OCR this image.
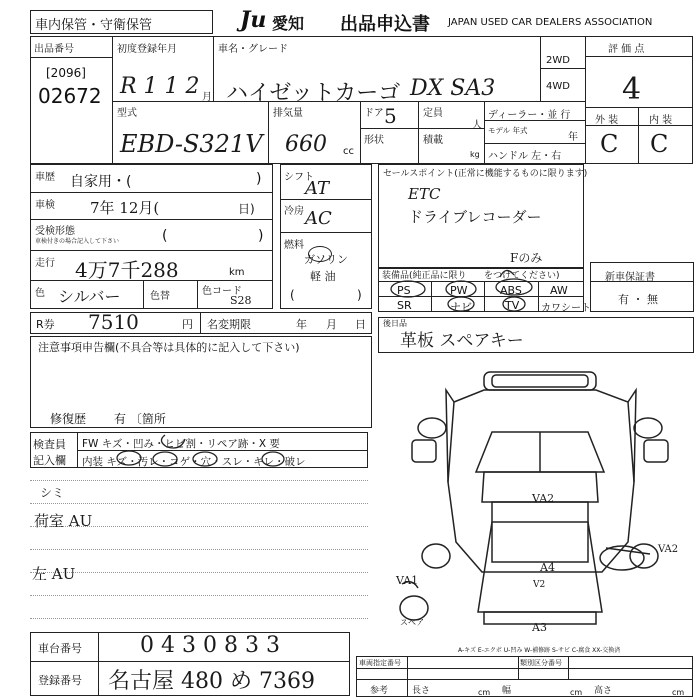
車内保管・守衛保管	Ju 愛知 出品申込書 JAPAN USED CAR DEALERS ASSOCIATION
出品番号
[2096]
02672
初度登録年月
R 1 1 2 月
車名・グレード
ハイゼットカーゴ DX SA3
2WD
4WD
評 価 点
4
外 装	内 装
C C
型式
EBD-S321V
排気量
660 cc
ドア 5
形状
定員
人
積載
kg
ディーラー・並 行
モデル 年式
年
ハンドル 左・右
車歴 自家用・(	)
車検 7年 12月(	日)
受検形態
車検付きの場合記入して下さい	(	)
走行 4万7千288	km
色 シルバー	色替	色コード
S28
シフト
AT
冷房 AC
燃料
ガソリン
軽 油
(	)
セールスポイント(正常に機能するものに限ります)
ETC
ドライブレコーダー
装備品(純正品に限り をつけてください)
Fのみ
PS	PW	ABS	AW
SR	ナビ	TV カワシート
新車保証書
有 ・ 無
R券 7510	円 名変期限	年 月 日 後日品
革板 スペアキー
注意事項申告欄(不具合等は具体的に記入して下さい)
修復歴 有 〔箇所
検査員
記入欄
FW キズ・凹み・ヒビ割・リペア跡・X 要
内装 キズ・汚レ・コゲ・穴・スレ・キレ・破レ
シミ
荷室 AU
左 AU
VA2
VA2
VA1
A4
V2
A3
スペア
A-キズ E-エクボ U-凹み W-補修跡 S-サビ C-腐食 XX-交換済
車台番号	0 4 3 0 8 3 3
登録番号 名古屋 480 め 7369
車両指定番号	類別区分番号
参考	長さ	cm 幅	cm 高さ	cm
